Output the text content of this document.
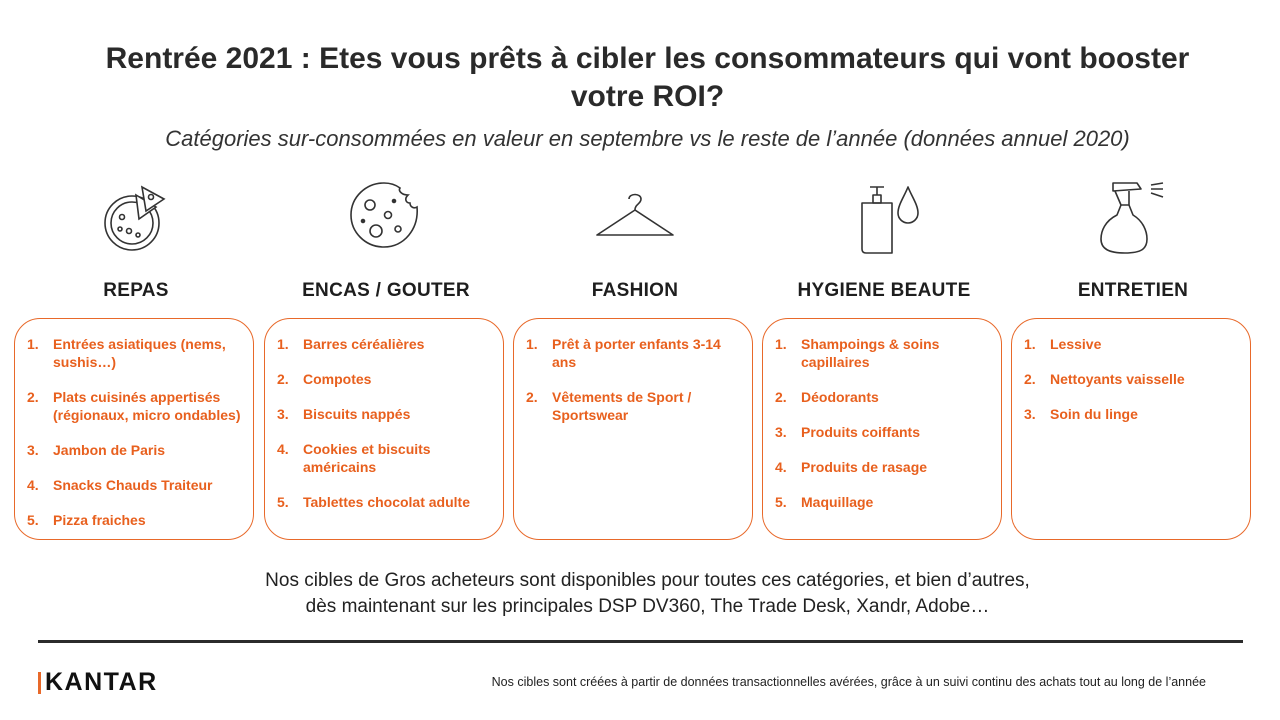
Rentrée 2021 : Etes vous prêts à cibler les consommateurs qui vont booster
votre ROI?
Catégories sur-consommées en valeur en septembre vs le reste de l’année (données annuel 2020)
REPAS
1.	Entrées asiatiques (nems, sushis…)
2.	Plats cuisinés appertisés (régionaux, micro ondables)
3.	Jambon de Paris
4.	Snacks Chauds Traiteur
5.	Pizza fraiches
ENCAS / GOUTER
1.	Barres céréalières
2.	Compotes
3.	Biscuits nappés
4.	Cookies et biscuits américains
5.	Tablettes chocolat adulte
FASHION
1.	Prêt à porter enfants 3-14 ans
2.	Vêtements de Sport / Sportswear
HYGIENE BEAUTE
1.	Shampoings & soins capillaires
2.	Déodorants
3.	Produits coiffants
4.	Produits de rasage
5.	Maquillage
ENTRETIEN
1.	Lessive
2.	Nettoyants vaisselle
3.	Soin du linge
Nos cibles de Gros acheteurs sont disponibles pour toutes ces catégories, et bien d’autres,
dès maintenant sur les principales DSP DV360, The Trade Desk, Xandr, Adobe…
KANTAR	Nos cibles sont créées à partir de données transactionnelles avérées, grâce à un suivi continu des achats tout au long de l’année
